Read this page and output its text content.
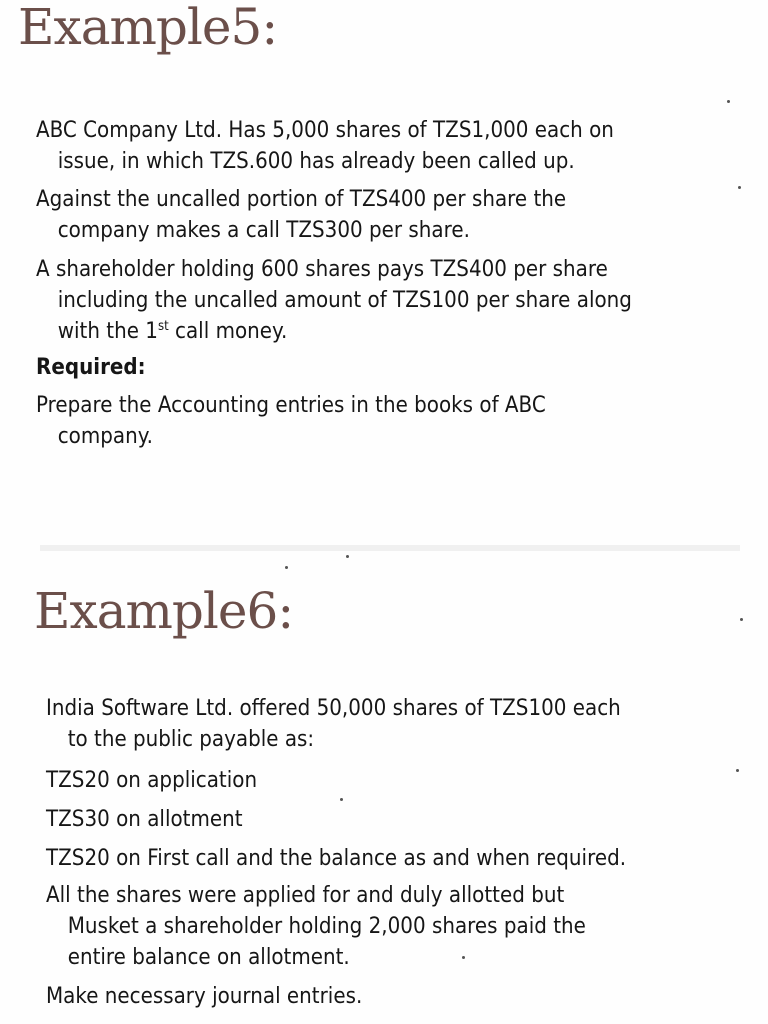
Example5:

ABC Company Ltd. Has 5,000 shares of TZS1,000 each on
issue, in which TZS.600 has already been called up.

Against the uncalled portion of TZS400 per share the
company makes a call TZS300 per share.

A shareholder holding 600 shares pays TZS400 per share
including the uncalled amount of TZS100 per share along
with the 1st call money.

Required:

Prepare the Accounting entries in the books of ABC
company.

Example6:

India Software Ltd. offered 50,000 shares of TZS100 each
to the public payable as:

TZS20 on application

TZS30 on allotment

TZS20 on First call and the balance as and when required.

All the shares were applied for and duly allotted but
Musket a shareholder holding 2,000 shares paid the
entire balance on allotment.

Make necessary journal entries.
